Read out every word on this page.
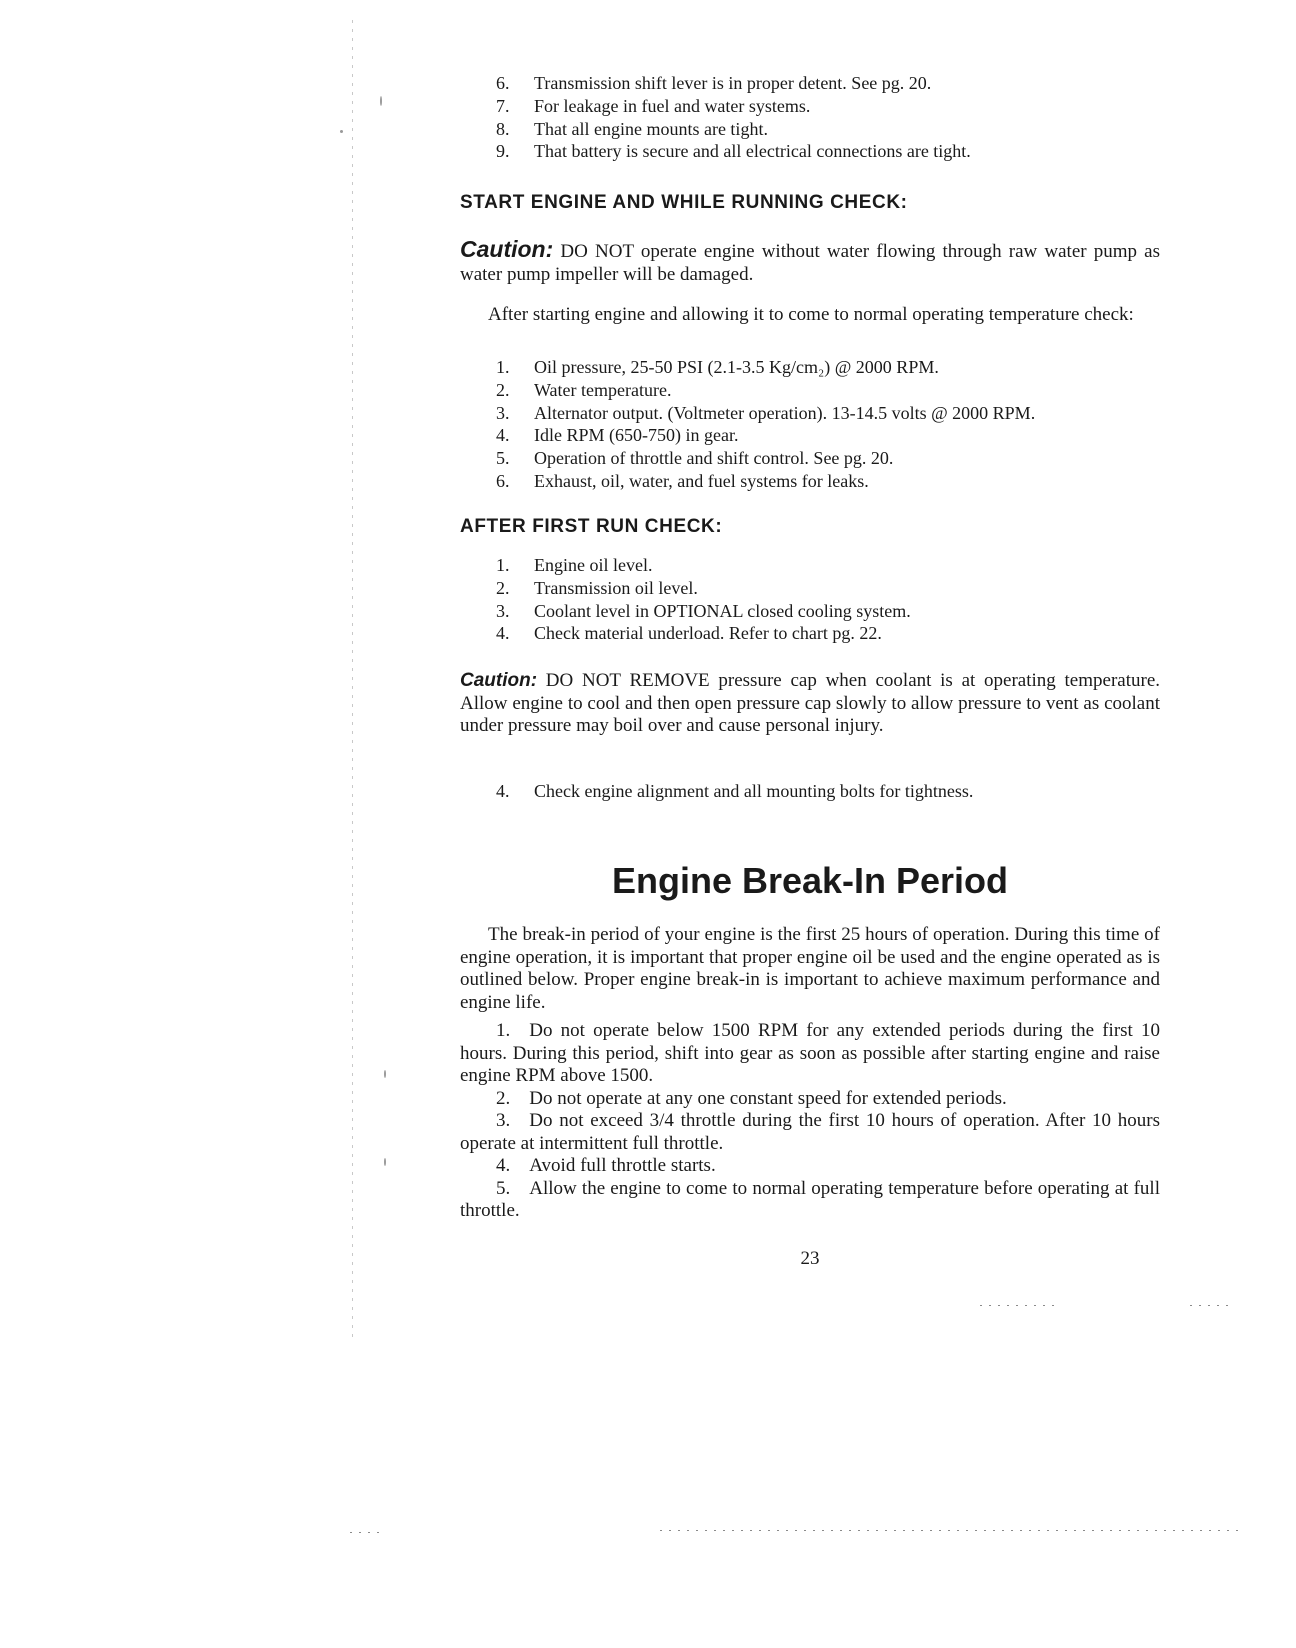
6.	Transmission shift lever is in proper detent. See pg. 20.
7.	For leakage in fuel and water systems.
8.	That all engine mounts are tight.
9.	That battery is secure and all electrical connections are tight.
START ENGINE AND WHILE RUNNING CHECK:

Caution: DO NOT operate engine without water flowing through raw water pump as water pump impeller will be damaged.

After starting engine and allowing it to come to normal operating temperature check:

1.	Oil pressure, 25-50 PSI (2.1-3.5 Kg/cm₂) @ 2000 RPM.
2.	Water temperature.
3.	Alternator output. (Voltmeter operation). 13-14.5 volts @ 2000 RPM.
4.	Idle RPM (650-750) in gear.
5.	Operation of throttle and shift control. See pg. 20.
6.	Exhaust, oil, water, and fuel systems for leaks.
AFTER FIRST RUN CHECK:
1.	Engine oil level.
2.	Transmission oil level.
3.	Coolant level in OPTIONAL closed cooling system.
4.	Check material underload. Refer to chart pg. 22.

Caution: DO NOT REMOVE pressure cap when coolant is at operating temperature. Allow engine to cool and then open pressure cap slowly to allow pressure to vent as coolant under pressure may boil over and cause personal injury.

4.	Check engine alignment and all mounting bolts for tightness.
Engine Break-In Period

The break-in period of your engine is the first 25 hours of operation. During this time of engine operation, it is important that proper engine oil be used and the engine operated as is outlined below. Proper engine break-in is important to achieve maximum performance and engine life.

1. Do not operate below 1500 RPM for any extended periods during the first 10 hours. During this period, shift into gear as soon as possible after starting engine and raise engine RPM above 1500.

2. Do not operate at any one constant speed for extended periods.

3. Do not exceed 3/4 throttle during the first 10 hours of operation. After 10 hours operate at intermittent full throttle.

4. Avoid full throttle starts.

5. Allow the engine to come to normal operating temperature before operating at full throttle.

23
